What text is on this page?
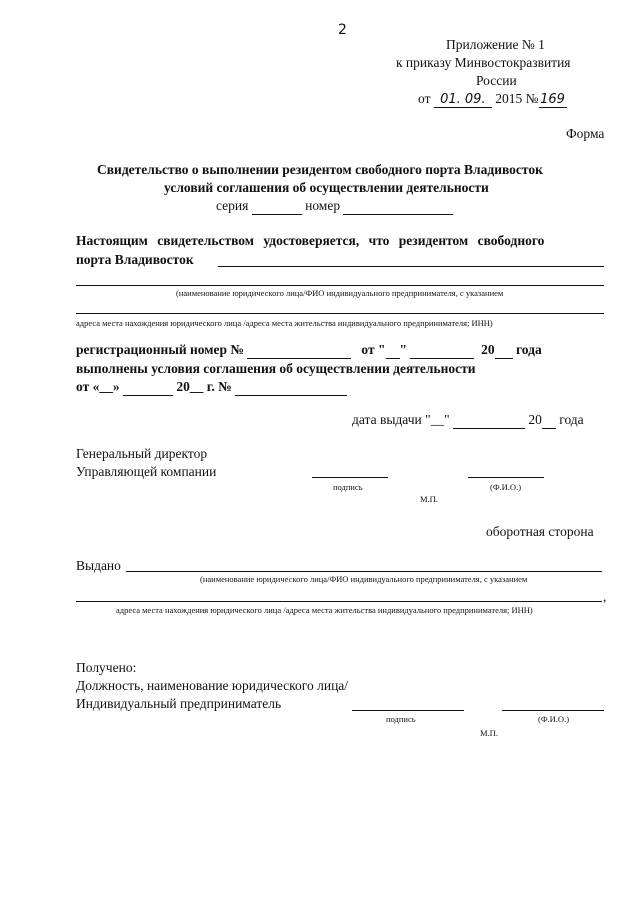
2
Приложение № 1
к приказу Минвостокразвития
России
от 01. 09. 2015 № 169
Форма
Свидетельство о выполнении резидентом свободного порта Владивосток
условий соглашения об осуществлении деятельности
серия	номер
Настоящим свидетельством удостоверяется, что резидентом свободного
порта Владивосток
(наименование юридического лица/ФИО индивидуального предпринимателя, с указанием
адреса места нахождения юридического лица /адреса места жительства индивидуального предпринимателя; ИНН)
регистрационный номер №	от " "	20 года
выполнены условия соглашения об осуществлении деятельности
от «__»	20__ г. №
дата выдачи "__"	20 года
Генеральный директор
Управляющей компании
подпись	(Ф.И.О.)
М.П.
оборотная сторона
Выдано
(наименование юридического лица/ФИО индивидуального предпринимателя, с указанием
,
адреса места нахождения юридического лица /адреса места жительства индивидуального предпринимателя; ИНН)
Получено:
Должность, наименование юридического лица/
Индивидуальный предприниматель
подпись	(Ф.И.О.)
М.П.
